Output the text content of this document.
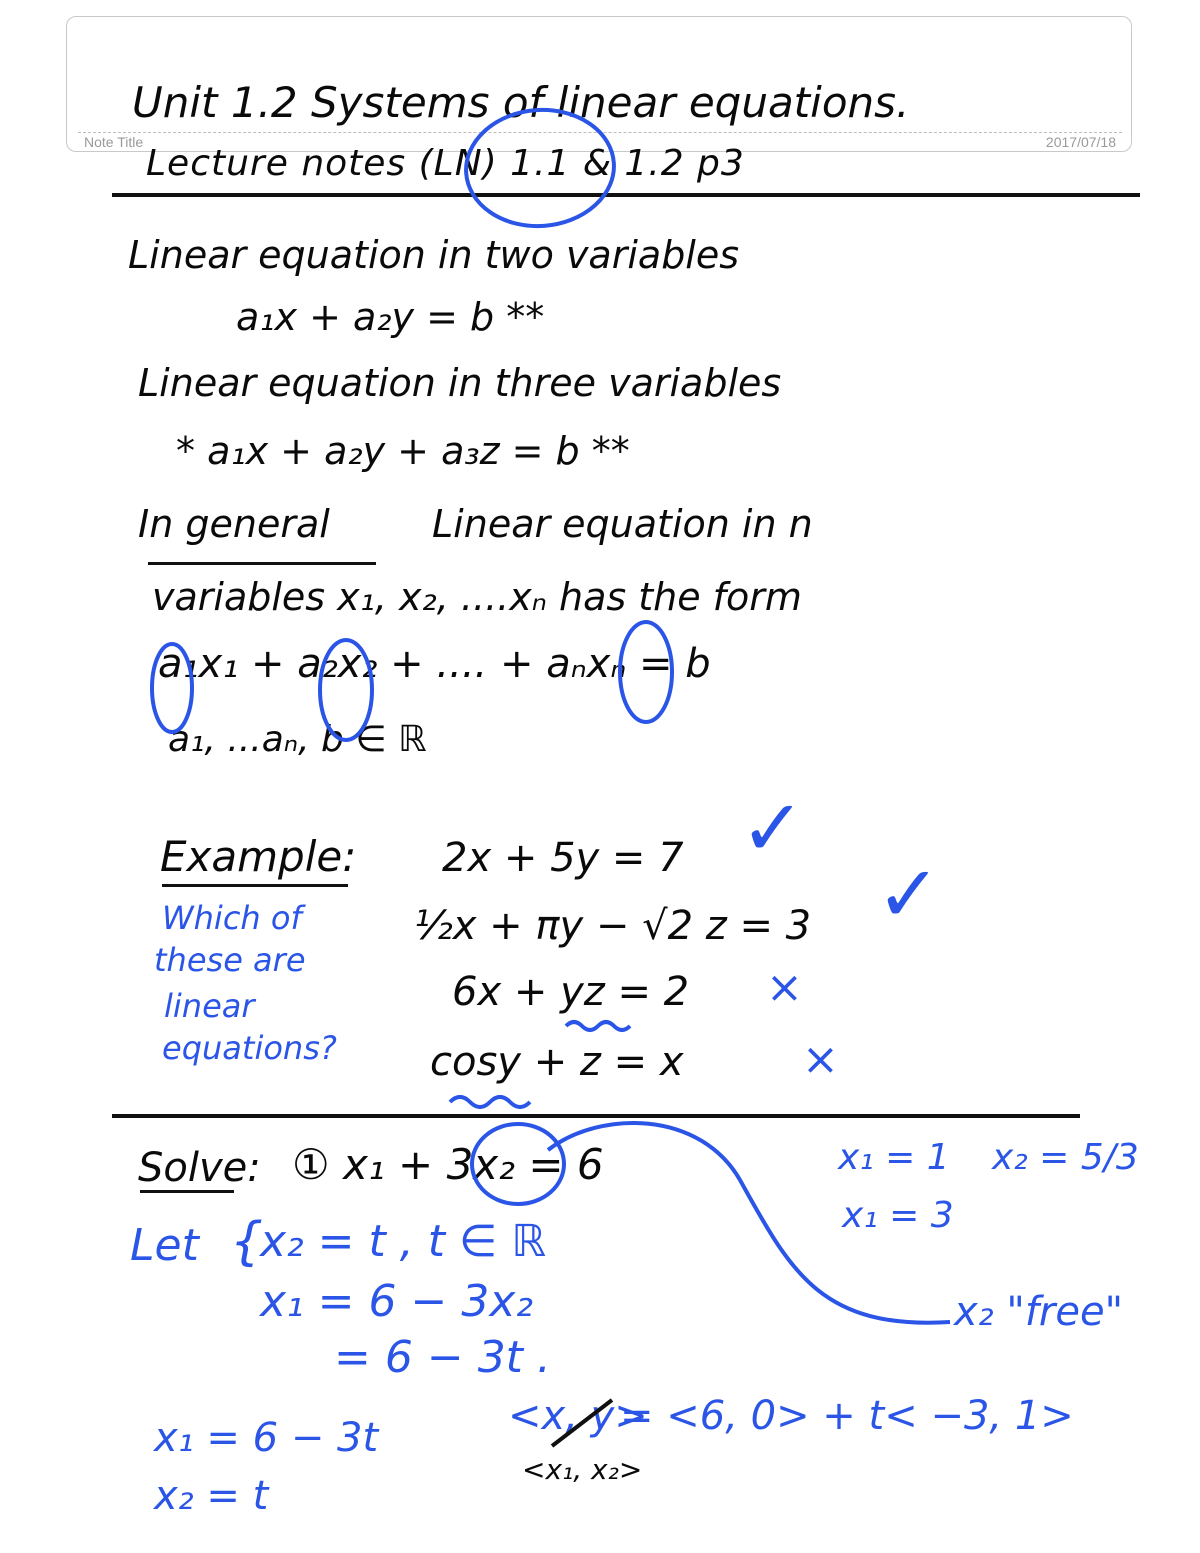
Note Title	2017/07/18
Unit 1.2 Systems of linear equations.
Lecture notes (LN) 1.1 & 1.2 p3
Linear equation in two variables
a₁x + a₂y = b **
Linear equation in three variables
* a₁x + a₂y + a₃z = b **
In general	Linear equation in n
variables x₁, x₂, ....xₙ has the form
a₁x₁ + a₂x₂ + .... + aₙxₙ = b
a₁, ...aₙ, b ∈ ℝ
Example:
Which of
these are
linear
equations?
2x + 5y = 7
½x + πy − √2 z = 3
6x + yz = 2
cosy + z = x
✓
✓
×
×
Solve: ① x₁ + 3x₂ = 6
Let {
x₂ = t , t ∈ ℝ
x₁ = 6 − 3x₂
= 6 − 3t .
x₁ = 6 − 3t
x₂ = t
<x, y>
= <6, 0> + t< −3, 1>
<x₁, x₂>
x₁ = 1 x₂ = 5/3
x₁ = 3
x₂ "free"
